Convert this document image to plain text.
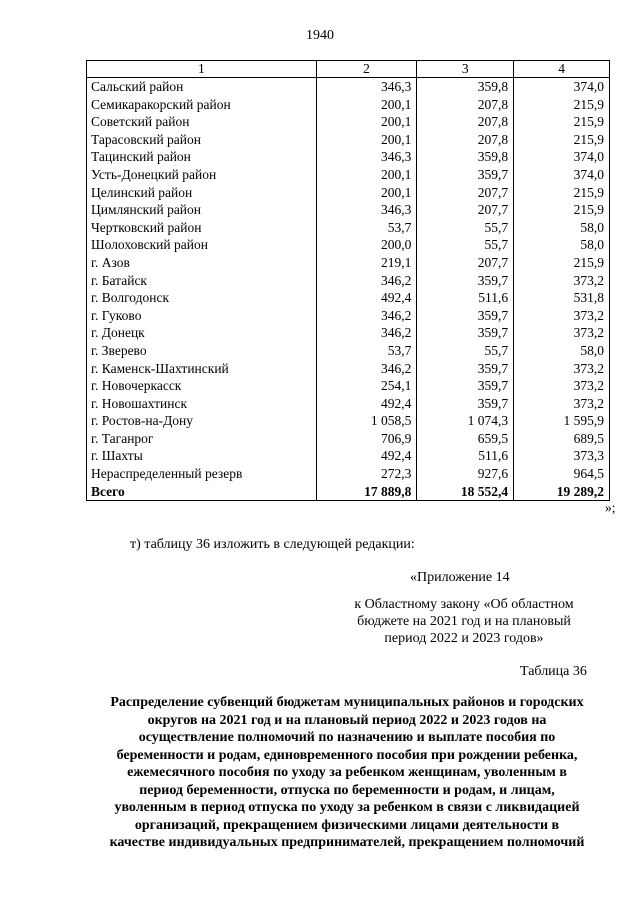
1940
1	2	3	4
Сальский район	346,3	359,8	374,0
Семикаракорский район	200,1	207,8	215,9
Советский район	200,1	207,8	215,9
Тарасовский район	200,1	207,8	215,9
Тацинский район	346,3	359,8	374,0
Усть-Донецкий район	200,1	359,7	374,0
Целинский район	200,1	207,7	215,9
Цимлянский район	346,3	207,7	215,9
Чертковский район	53,7	55,7	58,0
Шолоховский район	200,0	55,7	58,0
г. Азов	219,1	207,7	215,9
г. Батайск	346,2	359,7	373,2
г. Волгодонск	492,4	511,6	531,8
г. Гуково	346,2	359,7	373,2
г. Донецк	346,2	359,7	373,2
г. Зверево	53,7	55,7	58,0
г. Каменск-Шахтинский	346,2	359,7	373,2
г. Новочеркасск	254,1	359,7	373,2
г. Новошахтинск	492,4	359,7	373,2
г. Ростов-на-Дону	1 058,5	1 074,3	1 595,9
г. Таганрог	706,9	659,5	689,5
г. Шахты	492,4	511,6	373,3
Нераспределенный резерв	272,3	927,6	964,5
Всего	17 889,8	18 552,4	19 289,2
»;
т) таблицу 36 изложить в следующей редакции:
«Приложение 14
к Областному закону «Об областном
бюджете на 2021 год и на плановый
период 2022 и 2023 годов»
Таблица 36
Распределение субвенций бюджетам муниципальных районов и городских
округов на 2021 год и на плановый период 2022 и 2023 годов на
осуществление полномочий по назначению и выплате пособия по
беременности и родам, единовременного пособия при рождении ребенка,
ежемесячного пособия по уходу за ребенком женщинам, уволенным в
период беременности, отпуска по беременности и родам, и лицам,
уволенным в период отпуска по уходу за ребенком в связи с ликвидацией
организаций, прекращением физическими лицами деятельности в
качестве индивидуальных предпринимателей, прекращением полномочий
